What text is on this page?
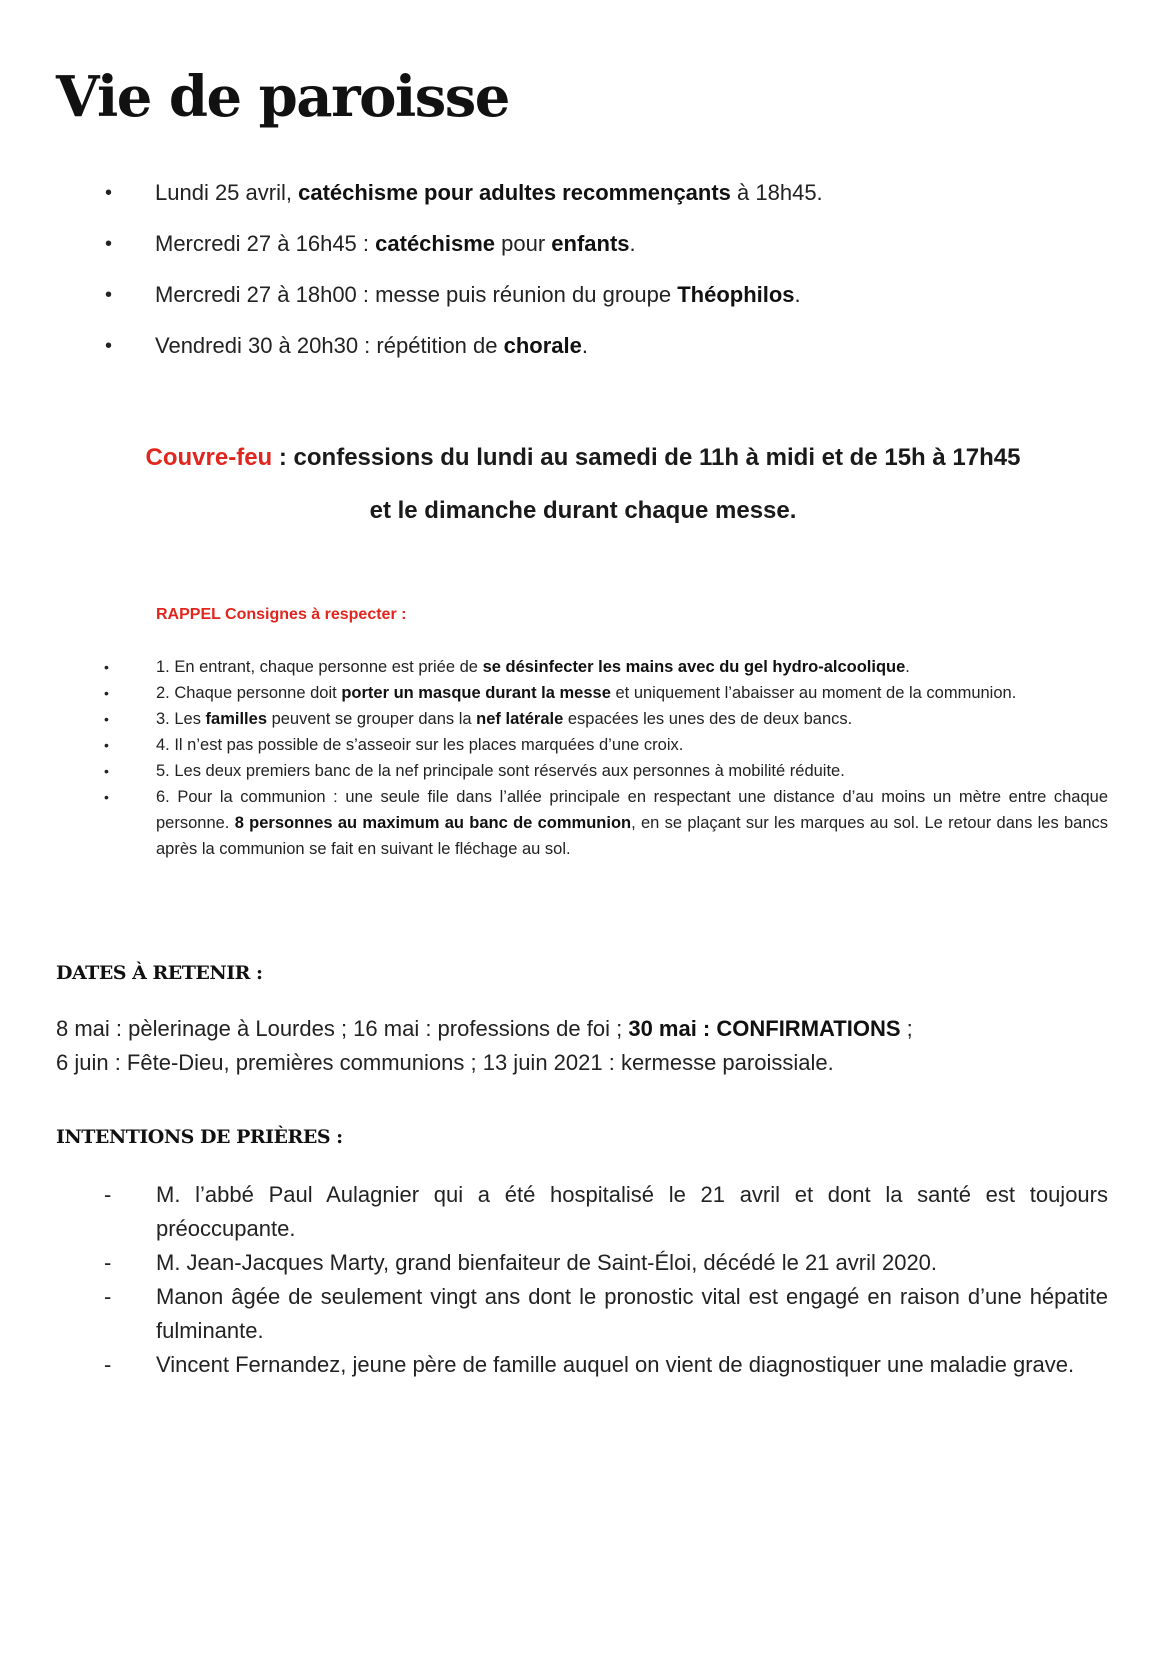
Vie de paroisse
• Lundi 25 avril, catéchisme pour adultes recommençants à 18h45.
• Mercredi 27 à 16h45 : catéchisme pour enfants.
• Mercredi 27 à 18h00 : messe puis réunion du groupe Théophilos.
• Vendredi 30 à 20h30 : répétition de chorale.
Couvre-feu : confessions du lundi au samedi de 11h à midi et de 15h à 17h45
et le dimanche durant chaque messe.
RAPPEL Consignes à respecter :
• 1. En entrant, chaque personne est priée de se désinfecter les mains avec du gel hydro-alcoolique.
• 2. Chaque personne doit porter un masque durant la messe et uniquement l’abaisser au moment de la communion.
• 3. Les familles peuvent se grouper dans la nef latérale espacées les unes des de deux bancs.
• 4. Il n’est pas possible de s’asseoir sur les places marquées d’une croix.
• 5. Les deux premiers banc de la nef principale sont réservés aux personnes à mobilité réduite.
• 6. Pour la communion : une seule file dans l’allée principale en respectant une distance d’au moins un mètre entre chaque personne. 8 personnes au maximum au banc de communion, en se plaçant sur les marques au sol. Le retour dans les bancs après la communion se fait en suivant le fléchage au sol.
DATES À RETENIR :
8 mai : pèlerinage à Lourdes ; 16 mai : professions de foi ; 30 mai : CONFIRMATIONS ;
6 juin : Fête-Dieu, premières communions ; 13 juin 2021 : kermesse paroissiale.
INTENTIONS DE PRIÈRES :
- M. l’abbé Paul Aulagnier qui a été hospitalisé le 21 avril et dont la santé est toujours préoccupante.
- M. Jean-Jacques Marty, grand bienfaiteur de Saint-Éloi, décédé le 21 avril 2020.
- Manon âgée de seulement vingt ans dont le pronostic vital est engagé en raison d’une hépatite fulminante.
- Vincent Fernandez, jeune père de famille auquel on vient de diagnostiquer une maladie grave.
